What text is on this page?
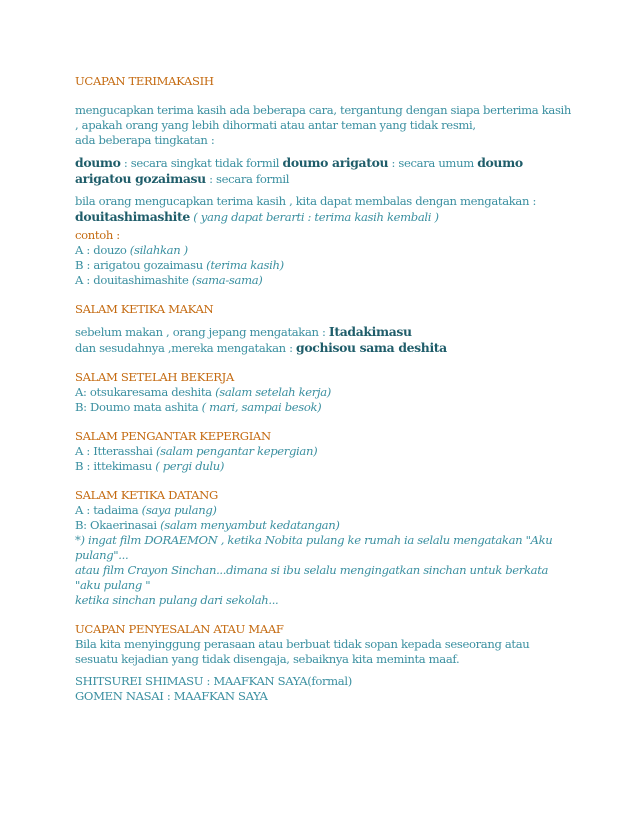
UCAPAN TERIMAKASIH
mengucapkan terima kasih ada beberapa cara, tergantung dengan siapa berterima kasih
, apakah orang yang lebih dihormati atau antar teman yang tidak resmi,
ada beberapa tingkatan :
doumo : secara singkat tidak formil doumo arigatou : secara umum doumo
arigatou gozaimasu : secara formil
bila orang mengucapkan terima kasih , kita dapat membalas dengan mengatakan :
douitashimashite ( yang dapat berarti : terima kasih kembali )
contoh :
A : douzo (silahkan )
B : arigatou gozaimasu (terima kasih)
A : douitashimashite (sama-sama)
SALAM KETIKA MAKAN
sebelum makan , orang jepang mengatakan : Itadakimasu
dan sesudahnya ,mereka mengatakan : gochisou sama deshita
SALAM SETELAH BEKERJA
A: otsukaresama deshita (salam setelah kerja)
B: Doumo mata ashita ( mari, sampai besok)
SALAM PENGANTAR KEPERGIAN
A : Itterasshai (salam pengantar kepergian)
B : ittekimasu ( pergi dulu)
SALAM KETIKA DATANG
A : tadaima (saya pulang)
B: Okaerinasai (salam menyambut kedatangan)
*) ingat film DORAEMON , ketika Nobita pulang ke rumah ia selalu mengatakan "Aku
pulang"...
atau film Crayon Sinchan...dimana si ibu selalu mengingatkan sinchan untuk berkata
"aku pulang "
ketika sinchan pulang dari sekolah...
UCAPAN PENYESALAN ATAU MAAF
Bila kita menyinggung perasaan atau berbuat tidak sopan kepada seseorang atau
sesuatu kejadian yang tidak disengaja, sebaiknya kita meminta maaf.
SHITSUREI SHIMASU : MAAFKAN SAYA(formal)
GOMEN NASAI : MAAFKAN SAYA
